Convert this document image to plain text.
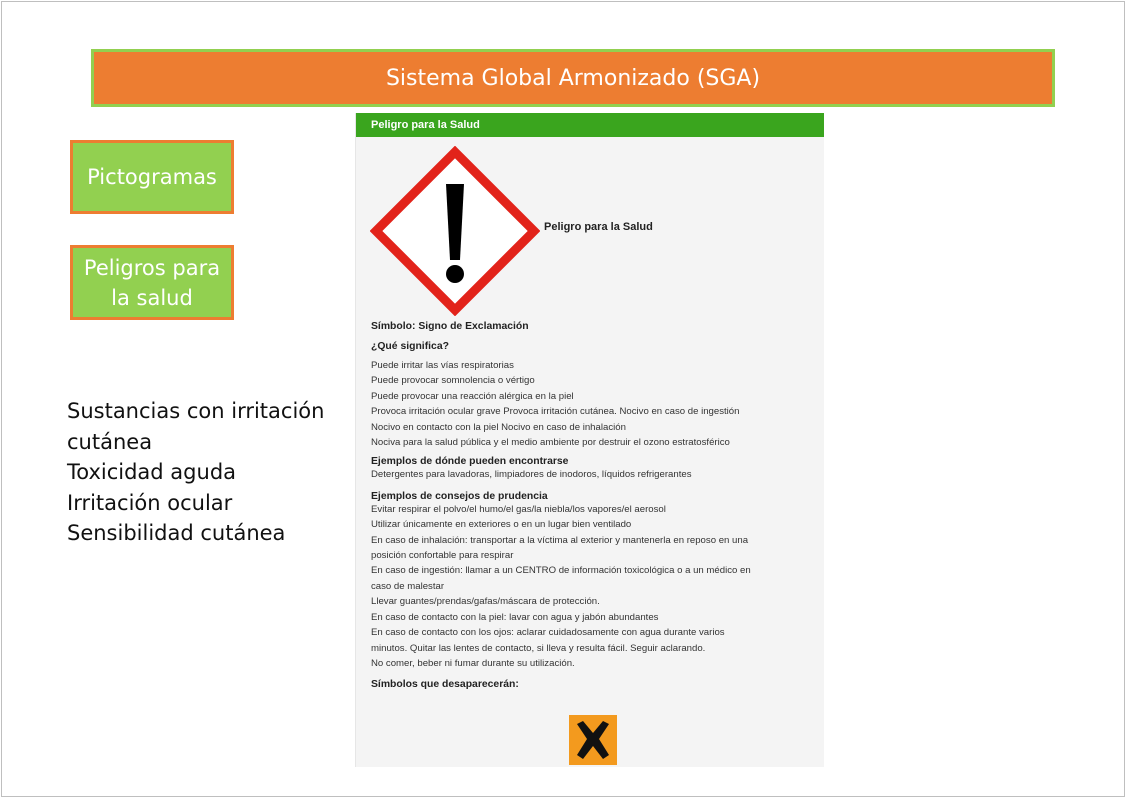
Sistema Global Armonizado (SGA)
Pictogramas
Peligros para
la salud
Sustancias con irritación
cutánea
Toxicidad aguda
Irritación ocular
Sensibilidad cutánea
Peligro para la Salud
Peligro para la Salud
Símbolo: Signo de Exclamación
¿Qué significa?
Puede irritar las vías respiratorias
Puede provocar somnolencia o vértigo
Puede provocar una reacción alérgica en la piel
Provoca irritación ocular grave Provoca irritación cutánea. Nocivo en caso de ingestión
Nocivo en contacto con la piel Nocivo en caso de inhalación
Nociva para la salud pública y el medio ambiente por destruir el ozono estratosférico
Ejemplos de dónde pueden encontrarse
Detergentes para lavadoras, limpiadores de inodoros, líquidos refrigerantes
Ejemplos de consejos de prudencia
Evitar respirar el polvo/el humo/el gas/la niebla/los vapores/el aerosol
Utilizar únicamente en exteriores o en un lugar bien ventilado
En caso de inhalación: transportar a la víctima al exterior y mantenerla en reposo en una
posición confortable para respirar
En caso de ingestión: llamar a un CENTRO de información toxicológica o a un médico en
caso de malestar
Llevar guantes/prendas/gafas/máscara de protección.
En caso de contacto con la piel: lavar con agua y jabón abundantes
En caso de contacto con los ojos: aclarar cuidadosamente con agua durante varios
minutos. Quitar las lentes de contacto, si lleva y resulta fácil. Seguir aclarando.
No comer, beber ni fumar durante su utilización.
Símbolos que desaparecerán:
